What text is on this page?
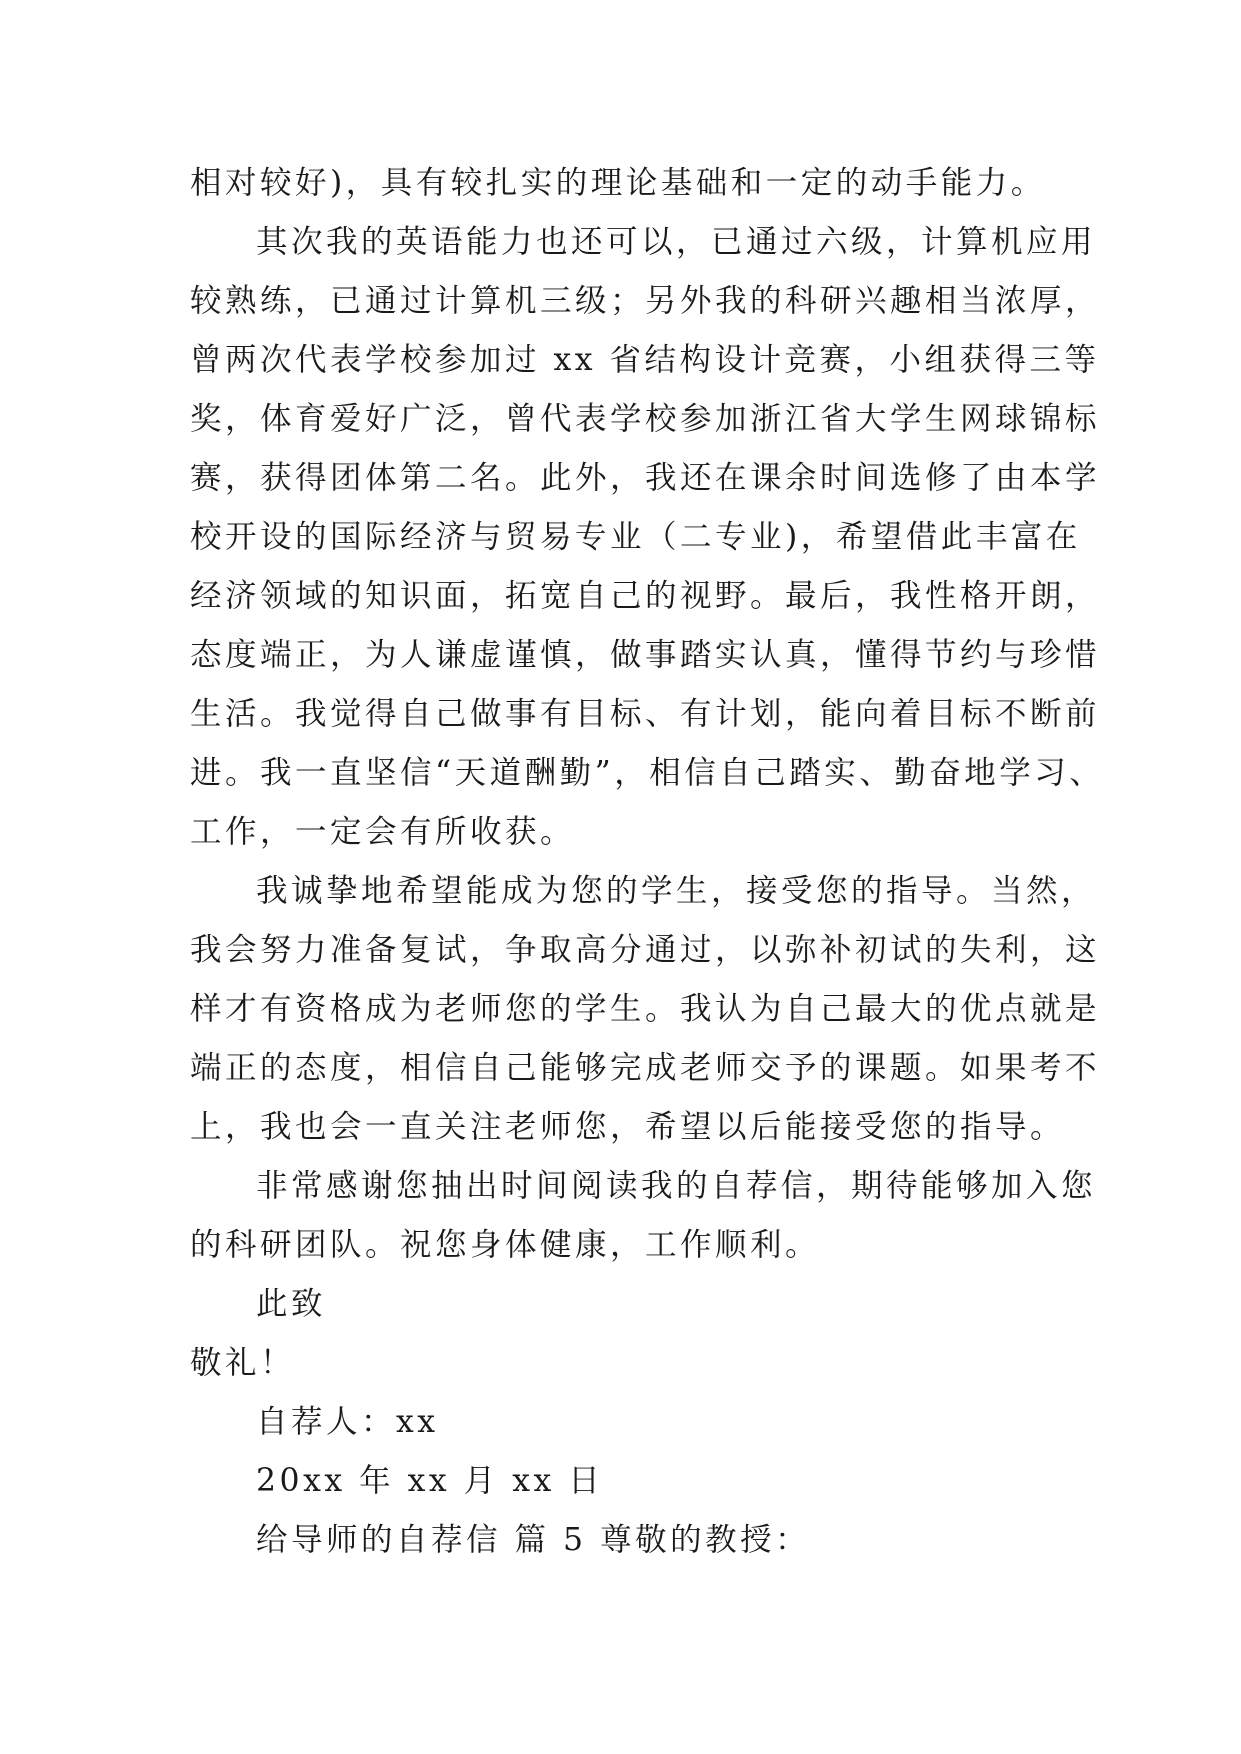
相对较好)，具有较扎实的理论基础和一定的动手能力。
其次我的英语能力也还可以，已通过六级，计算机应用
较熟练，已通过计算机三级；另外我的科研兴趣相当浓厚，
曾两次代表学校参加过 xx 省结构设计竞赛，小组获得三等
奖，体育爱好广泛，曾代表学校参加浙江省大学生网球锦标
赛，获得团体第二名。此外，我还在课余时间选修了由本学
校开设的国际经济与贸易专业（二专业)，希望借此丰富在
经济领域的知识面，拓宽自己的视野。最后，我性格开朗，
态度端正，为人谦虚谨慎，做事踏实认真，懂得节约与珍惜
生活。我觉得自己做事有目标、有计划，能向着目标不断前
进。我一直坚信“天道酬勤”，相信自己踏实、勤奋地学习、
工作，一定会有所收获。
我诚挚地希望能成为您的学生，接受您的指导。当然，
我会努力准备复试，争取高分通过，以弥补初试的失利，这
样才有资格成为老师您的学生。我认为自己最大的优点就是
端正的态度，相信自己能够完成老师交予的课题。如果考不
上，我也会一直关注老师您，希望以后能接受您的指导。
非常感谢您抽出时间阅读我的自荐信，期待能够加入您
的科研团队。祝您身体健康，工作顺利。
此致
敬礼！
自荐人：xx
20xx 年 xx 月 xx 日
给导师的自荐信 篇 5 尊敬的教授：
